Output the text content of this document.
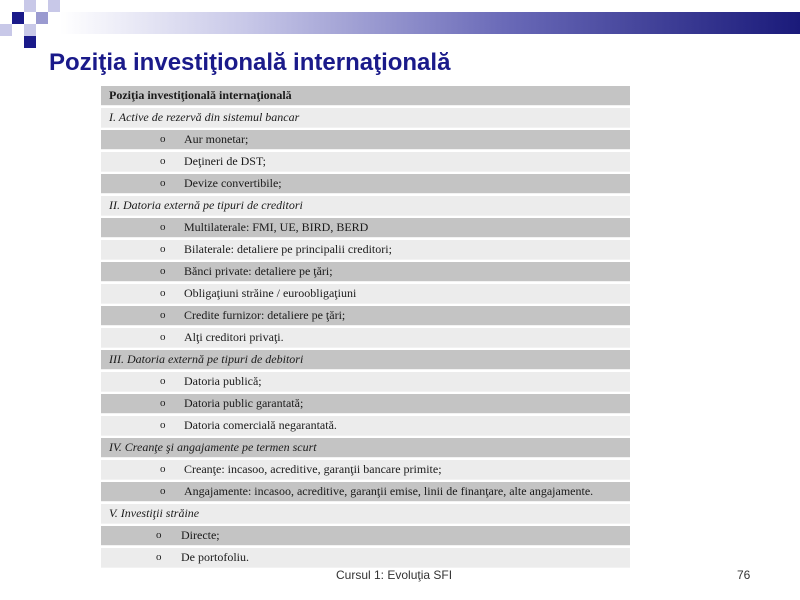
Poziţia investiţională internaţională
Poziţia investiţională internaţională
I. Active de rezervă din sistemul bancar
o Aur monetar;
o Deţineri de DST;
o Devize convertibile;
II. Datoria externă pe tipuri de creditori
o Multilaterale: FMI, UE, BIRD, BERD
o Bilaterale: detaliere pe principalii creditori;
o Bănci private: detaliere pe ţări;
o Obligaţiuni străine / euroobligaţiuni
o Credite furnizor: detaliere pe ţări;
o Alţi creditori privaţi.
III. Datoria externă pe tipuri de debitori
o Datoria publică;
o Datoria public garantată;
o Datoria comercială negarantată.
IV. Creanţe şi angajamente pe termen scurt
o Creanţe: incasoo, acreditive, garanţii bancare primite;
o Angajamente: incasoo, acreditive, garanţii emise, linii de finanţare, alte angajamente.
V. Investiţii străine
o Directe;
o De portofoliu.
Cursul 1: Evoluţia SFI	76
